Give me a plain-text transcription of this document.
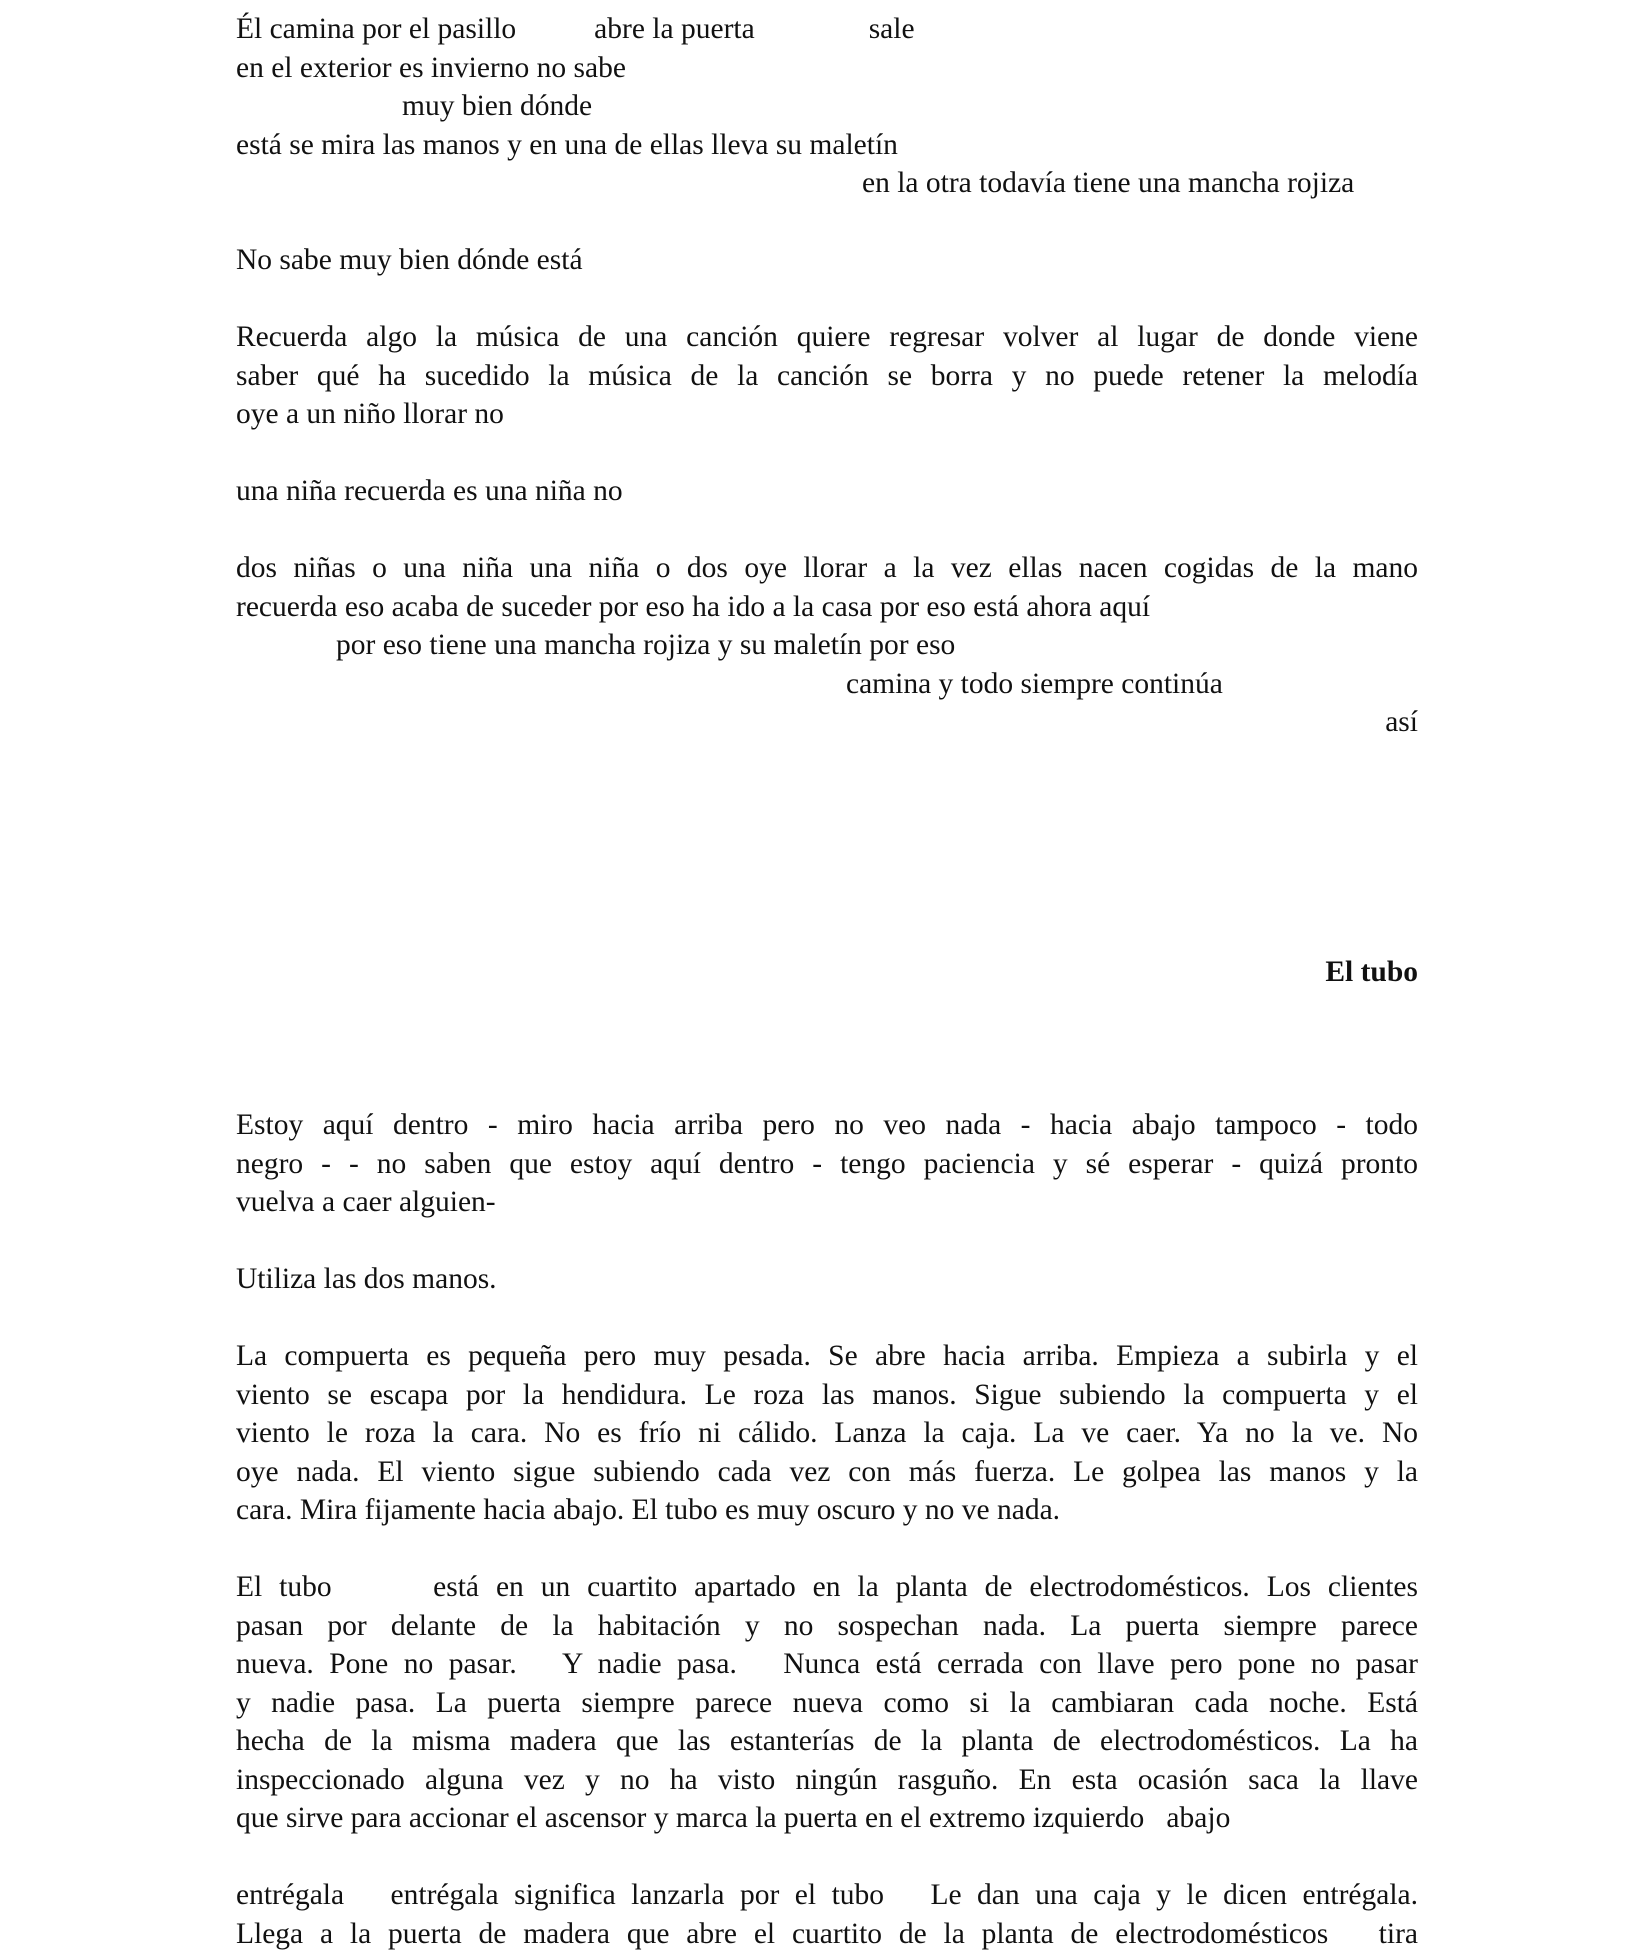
Él camina por el pasillo	abre la puerta	sale
en el exterior es invierno no sabe
muy bien dónde
está se mira las manos y en una de ellas lleva su maletín
en la otra todavía tiene una mancha rojiza
No sabe muy bien dónde está
Recuerda algo la música de una canción quiere regresar volver al lugar de donde viene
saber qué ha sucedido la música de la canción se borra y no puede retener la melodía
oye a un niño llorar no
una niña recuerda es una niña no
dos niñas o una niña una niña o dos oye llorar a la vez ellas nacen cogidas de la mano
recuerda eso acaba de suceder por eso ha ido a la casa por eso está ahora aquí
por eso tiene una mancha rojiza y su maletín por eso
camina y todo siempre continúa
así
El tubo
Estoy aquí dentro - miro hacia arriba pero no veo nada - hacia abajo tampoco - todo
negro - - no saben que estoy aquí dentro - tengo paciencia y sé esperar - quizá pronto
vuelva a caer alguien-
Utiliza las dos manos.
La compuerta es pequeña pero muy pesada. Se abre hacia arriba. Empieza a subirla y el
viento se escapa por la hendidura. Le roza las manos. Sigue subiendo la compuerta y el
viento le roza la cara. No es frío ni cálido. Lanza la caja. La ve caer. Ya no la ve. No
oye nada. El viento sigue subiendo cada vez con más fuerza. Le golpea las manos y la
cara. Mira fijamente hacia abajo. El tubo es muy oscuro y no ve nada.
El tubo      está en un cuartito apartado en la planta de electrodomésticos. Los clientes
pasan por delante de la habitación y no sospechan nada. La puerta siempre parece
nueva. Pone no pasar.   Y nadie pasa.   Nunca está cerrada con llave pero pone no pasar
y nadie pasa. La puerta siempre parece nueva como si la cambiaran cada noche. Está
hecha de la misma madera que las estanterías de la planta de electrodomésticos. La ha
inspeccionado alguna vez y no ha visto ningún rasguño. En esta ocasión saca la llave
que sirve para accionar el ascensor y marca la puerta en el extremo izquierdo   abajo
entrégala   entrégala significa lanzarla por el tubo   Le dan una caja y le dicen entrégala.
Llega a la puerta de madera que abre el cuartito de la planta de electrodomésticos   tira
